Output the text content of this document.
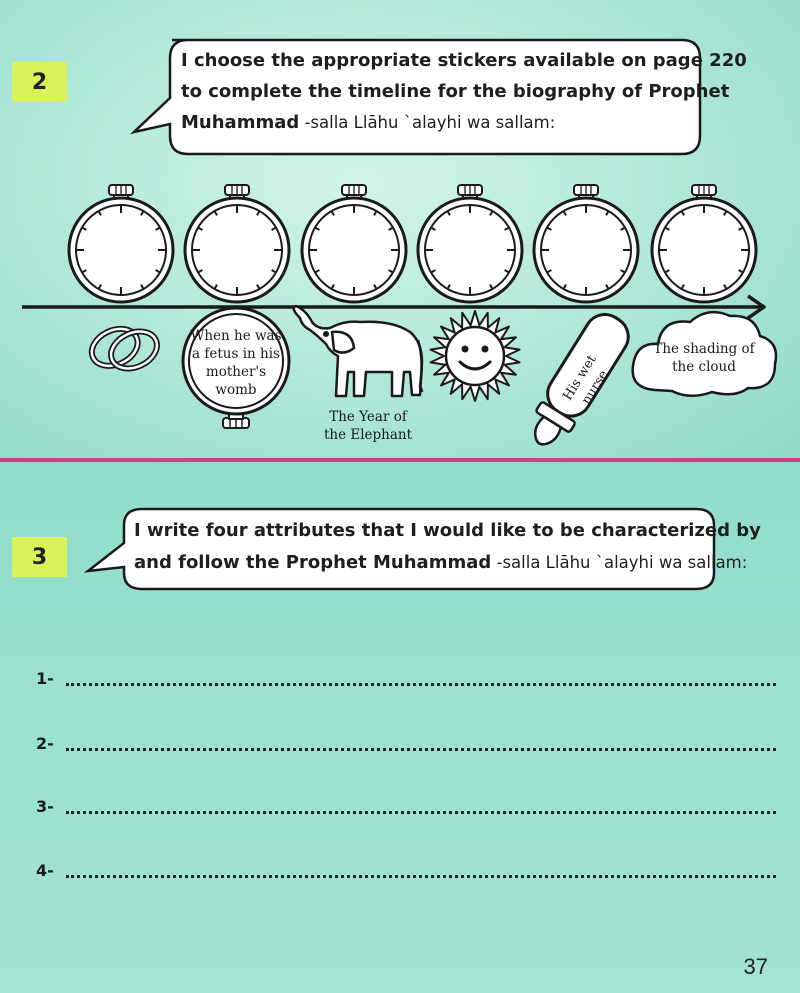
2
I choose the appropriate stickers available on page 220
to complete the timeline for the biography of Prophet
Muhammad -salla Llāhu `alayhi wa sallam:
When he was a fetus in his mother's womb
The Year of the Elephant
His wet nurse
The shading of the cloud
3
I write four attributes that I would like to be characterized by
and follow the Prophet Muhammad -salla Llāhu `alayhi wa sallam:
1-
2-
3-
4-
37
